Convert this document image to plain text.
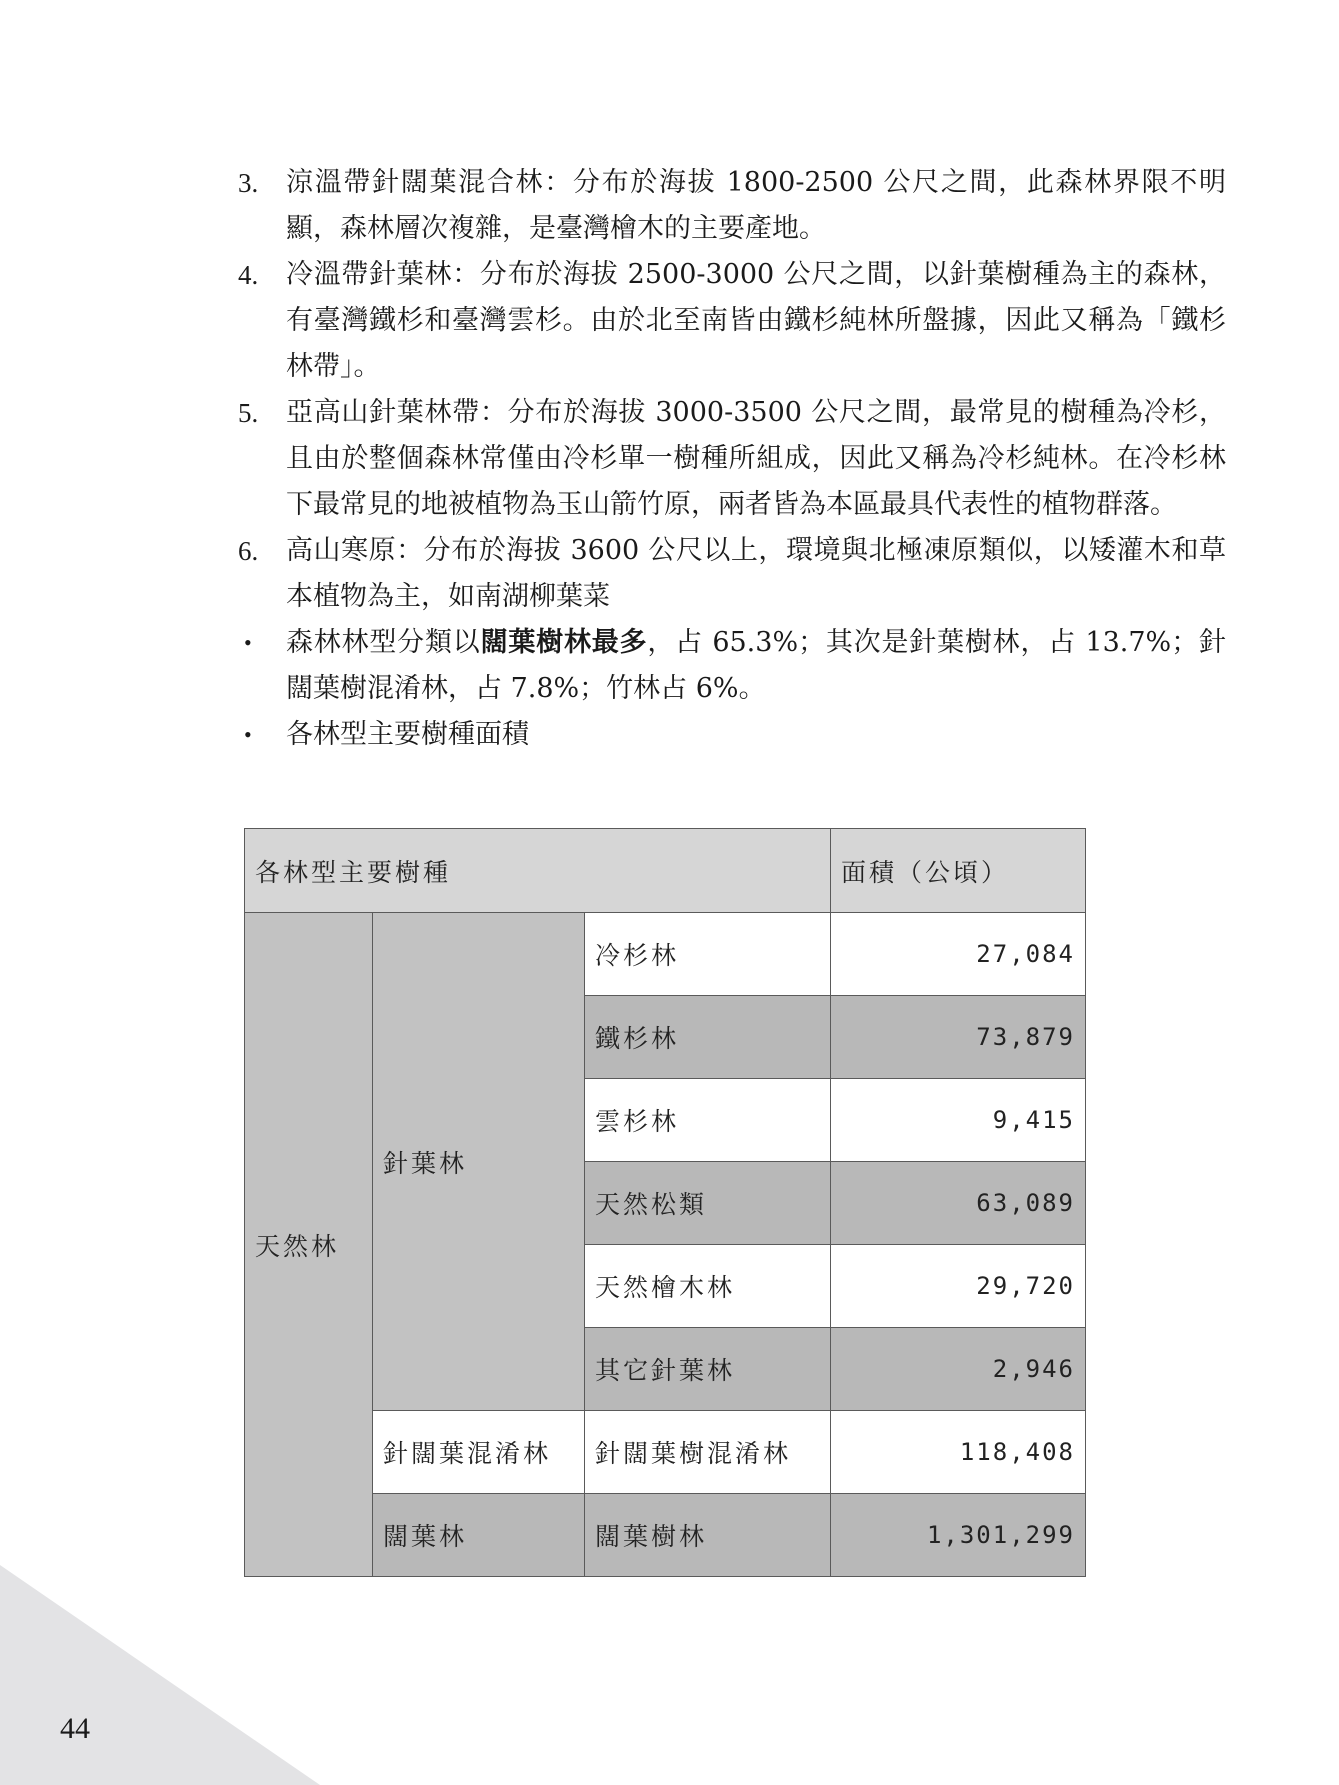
3.	涼溫帶針闊葉混合林：分布於海拔 1800-2500 公尺之間，此森林界限不明顯，森林層次複雜，是臺灣檜木的主要產地。
4.	冷溫帶針葉林：分布於海拔 2500-3000 公尺之間，以針葉樹種為主的森林，有臺灣鐵杉和臺灣雲杉。由於北至南皆由鐵杉純林所盤據，因此又稱為「鐵杉林帶」。
5.	亞高山針葉林帶：分布於海拔 3000-3500 公尺之間，最常見的樹種為冷杉，且由於整個森林常僅由冷杉單一樹種所組成，因此又稱為冷杉純林。在冷杉林下最常見的地被植物為玉山箭竹原，兩者皆為本區最具代表性的植物群落。
6.	高山寒原：分布於海拔 3600 公尺以上，環境與北極凍原類似，以矮灌木和草本植物為主，如南湖柳葉菜
•	森林林型分類以闊葉樹林最多，占 65.3%；其次是針葉樹林，占 13.7%；針闊葉樹混淆林，占 7.8%；竹林占 6%。
•	各林型主要樹種面積
各林型主要樹種			面積（公頃）
天然林	針葉林	冷杉林	27,084
		鐵杉林	73,879
		雲杉林	9,415
		天然松類	63,089
		天然檜木林	29,720
		其它針葉林	2,946
	針闊葉混淆林	針闊葉樹混淆林	118,408
	闊葉林	闊葉樹林	1,301,299
44
